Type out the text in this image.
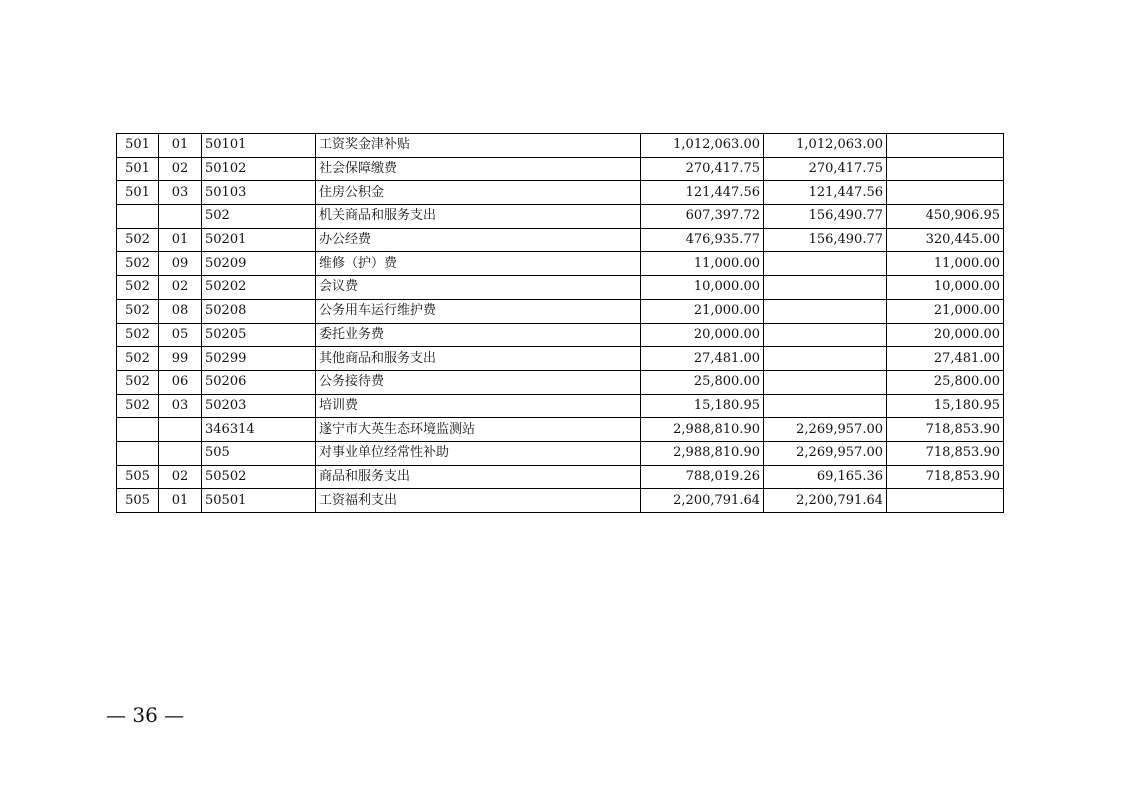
501	01	50101	工资奖金津补贴	1,012,063.00	1,012,063.00	
501	02	50102	社会保障缴费	270,417.75	270,417.75	
501	03	50103	住房公积金	121,447.56	121,447.56	
		502	机关商品和服务支出	607,397.72	156,490.77	450,906.95
502	01	50201	办公经费	476,935.77	156,490.77	320,445.00
502	09	50209	维修（护）费	11,000.00		11,000.00
502	02	50202	会议费	10,000.00		10,000.00
502	08	50208	公务用车运行维护费	21,000.00		21,000.00
502	05	50205	委托业务费	20,000.00		20,000.00
502	99	50299	其他商品和服务支出	27,481.00		27,481.00
502	06	50206	公务接待费	25,800.00		25,800.00
502	03	50203	培训费	15,180.95		15,180.95
		346314	遂宁市大英生态环境监测站	2,988,810.90	2,269,957.00	718,853.90
		505	对事业单位经常性补助	2,988,810.90	2,269,957.00	718,853.90
505	02	50502	商品和服务支出	788,019.26	69,165.36	718,853.90
505	01	50501	工资福利支出	2,200,791.64	2,200,791.64	
— 36 —
